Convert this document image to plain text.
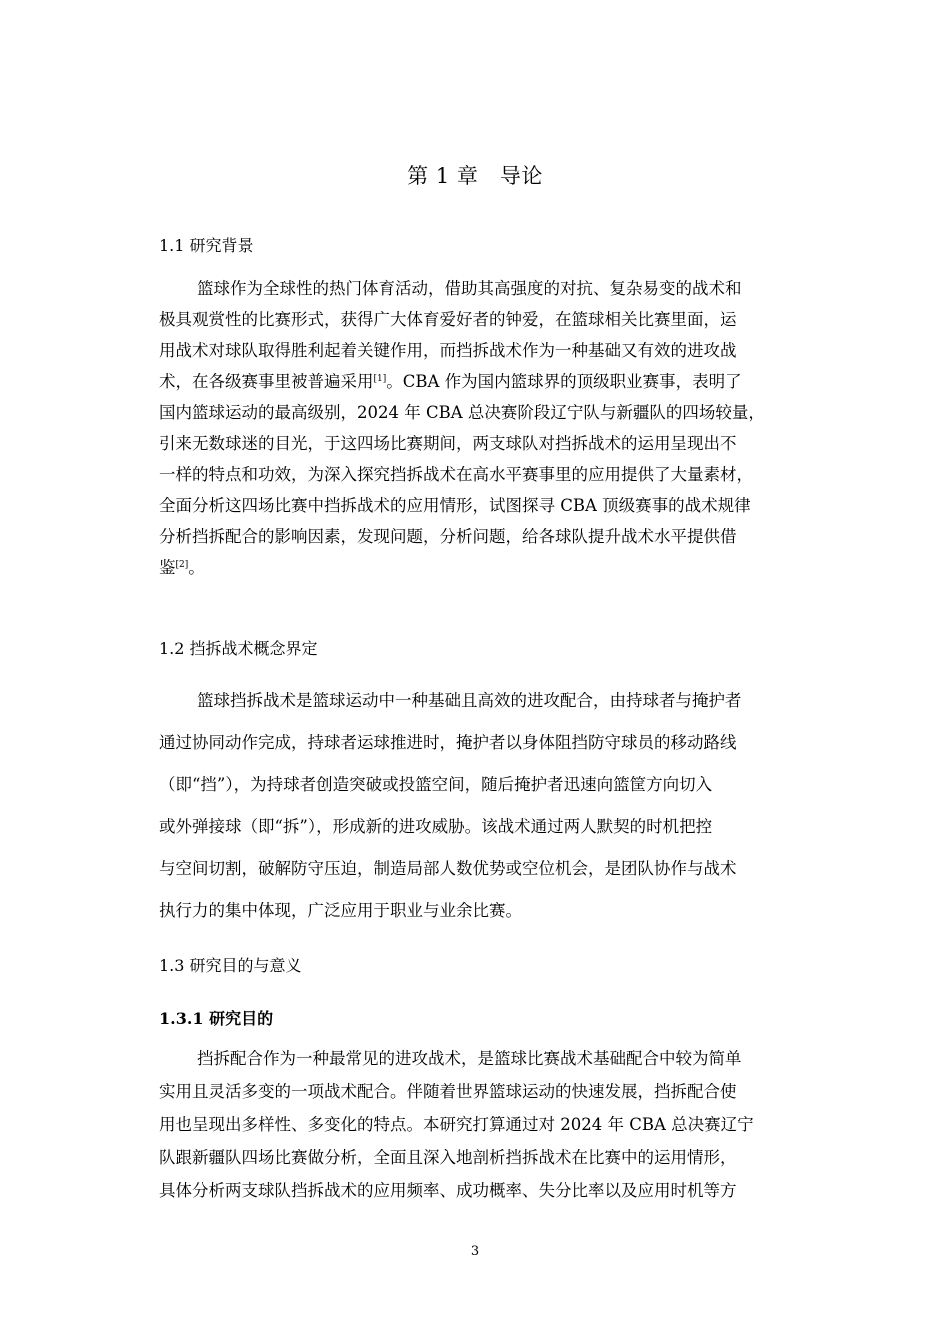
第 1 章　导论
1.1 研究背景
篮球作为全球性的热门体育活动，借助其高强度的对抗、复杂易变的战术和
极具观赏性的比赛形式，获得广大体育爱好者的钟爱，在篮球相关比赛里面，运
用战术对球队取得胜利起着关键作用，而挡拆战术作为一种基础又有效的进攻战
术，在各级赛事里被普遍采用[1]。CBA 作为国内篮球界的顶级职业赛事，表明了
国内篮球运动的最高级别，2024 年 CBA 总决赛阶段辽宁队与新疆队的四场较量，
引来无数球迷的目光，于这四场比赛期间，两支球队对挡拆战术的运用呈现出不
一样的特点和功效，为深入探究挡拆战术在高水平赛事里的应用提供了大量素材，
全面分析这四场比赛中挡拆战术的应用情形，试图探寻 CBA 顶级赛事的战术规律
分析挡拆配合的影响因素，发现问题，分析问题，给各球队提升战术水平提供借
鉴[2]。
1.2 挡拆战术概念界定
篮球挡拆战术是篮球运动中一种基础且高效的进攻配合，由持球者与掩护者
通过协同动作完成，持球者运球推进时，掩护者以身体阻挡防守球员的移动路线
（即“挡”），为持球者创造突破或投篮空间，随后掩护者迅速向篮筐方向切入
或外弹接球（即“拆”），形成新的进攻威胁。该战术通过两人默契的时机把控
与空间切割，破解防守压迫，制造局部人数优势或空位机会，是团队协作与战术
执行力的集中体现，广泛应用于职业与业余比赛。
1.3 研究目的与意义
1.3.1 研究目的
挡拆配合作为一种最常见的进攻战术，是篮球比赛战术基础配合中较为简单
实用且灵活多变的一项战术配合。伴随着世界篮球运动的快速发展，挡拆配合使
用也呈现出多样性、多变化的特点。本研究打算通过对 2024 年 CBA 总决赛辽宁
队跟新疆队四场比赛做分析，全面且深入地剖析挡拆战术在比赛中的运用情形，
具体分析两支球队挡拆战术的应用频率、成功概率、失分比率以及应用时机等方
3
